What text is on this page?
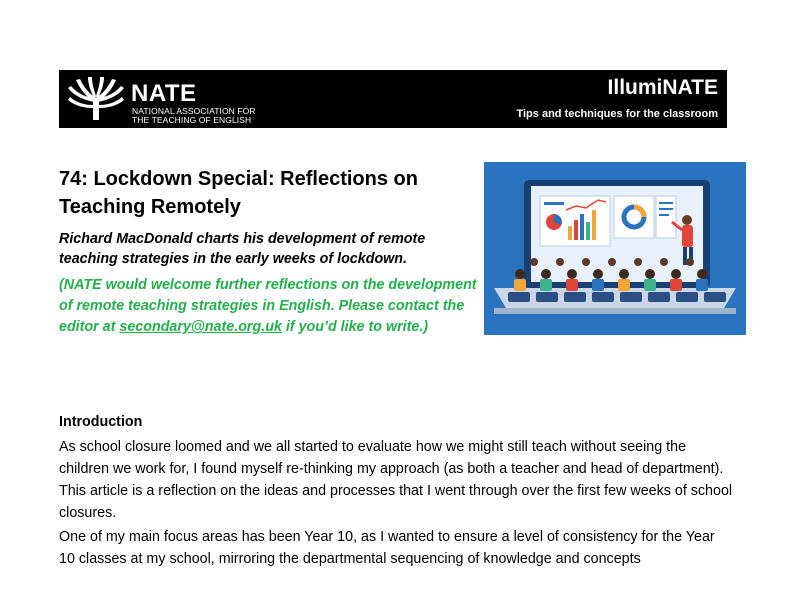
NATE
NATIONAL ASSOCIATION FOR
THE TEACHING OF ENGLISH
IllumiNATE
Tips and techniques for the classroom
74: Lockdown Special: Reflections on Teaching Remotely
Richard MacDonald charts his development of remote teaching strategies in the early weeks of lockdown.
(NATE would welcome further reflections on the development of remote teaching strategies in English. Please contact the editor at secondary@nate.org.uk if you’d like to write.)
Introduction

As school closure loomed and we all started to evaluate how we might still teach without seeing the children we work for, I found myself re-thinking my approach (as both a teacher and head of department). This article is a reflection on the ideas and processes that I went through over the first few weeks of school closures.

One of my main focus areas has been Year 10, as I wanted to ensure a level of consistency for the Year 10 classes at my school, mirroring the departmental sequencing of knowledge and concepts
